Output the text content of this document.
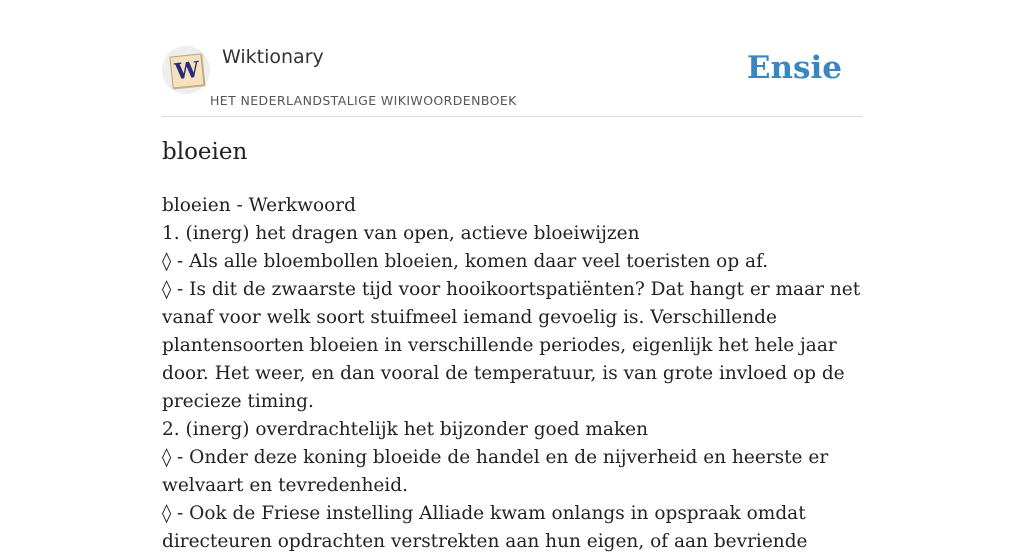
W Wiktionary
HET NEDERLANDSTALIGE WIKIWOORDENBOEK
Ensie
bloeien
bloeien - Werkwoord
1. (inerg) het dragen van open, actieve bloeiwijzen
◊ - Als alle bloembollen bloeien, komen daar veel toeristen op af.
◊ - Is dit de zwaarste tijd voor hooikoortspatiënten? Dat hangt er maar net vanaf voor welk soort stuifmeel iemand gevoelig is. Verschillende plantensoorten bloeien in verschillende periodes, eigenlijk het hele jaar door. Het weer, en dan vooral de temperatuur, is van grote invloed op de precieze timing.
2. (inerg) overdrachtelijk het bijzonder goed maken
◊ - Onder deze koning bloeide de handel en de nijverheid en heerste er welvaart en tevredenheid.
◊ - Ook de Friese instelling Alliade kwam onlangs in opspraak omdat directeuren opdrachten verstrekten aan hun eigen, of aan bevriende
